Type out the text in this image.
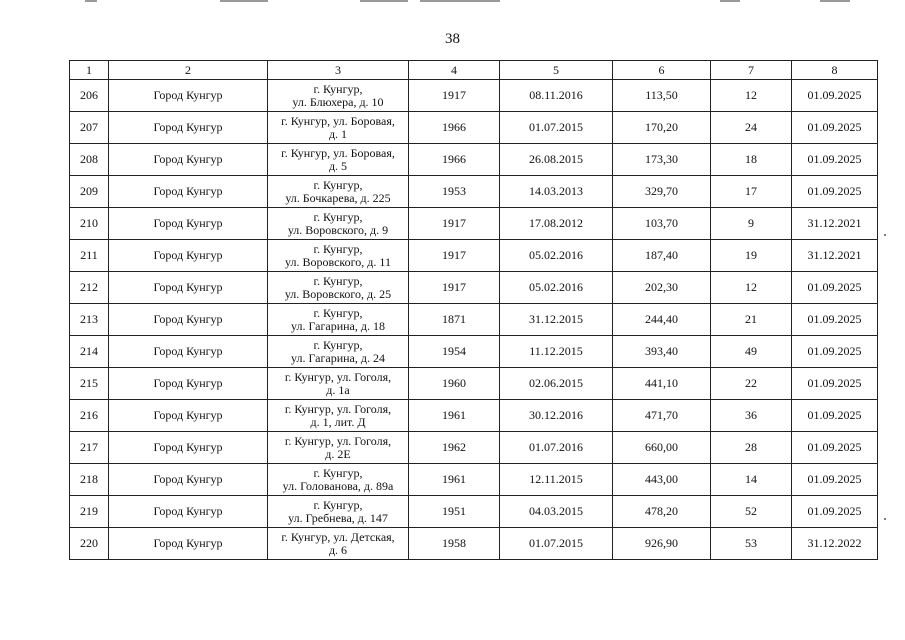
38
1	2	3	4	5	6	7	8
206	Город Кунгур	г. Кунгур,
ул. Блюхера, д. 10	1917	08.11.2016	113,50	12	01.09.2025
207	Город Кунгур	г. Кунгур, ул. Боровая,
д. 1	1966	01.07.2015	170,20	24	01.09.2025
208	Город Кунгур	г. Кунгур, ул. Боровая,
д. 5	1966	26.08.2015	173,30	18	01.09.2025
209	Город Кунгур	г. Кунгур,
ул. Бочкарева, д. 225	1953	14.03.2013	329,70	17	01.09.2025
210	Город Кунгур	г. Кунгур,
ул. Воровского, д. 9	1917	17.08.2012	103,70	9	31.12.2021
211	Город Кунгур	г. Кунгур,
ул. Воровского, д. 11	1917	05.02.2016	187,40	19	31.12.2021
212	Город Кунгур	г. Кунгур,
ул. Воровского, д. 25	1917	05.02.2016	202,30	12	01.09.2025
213	Город Кунгур	г. Кунгур,
ул. Гагарина, д. 18	1871	31.12.2015	244,40	21	01.09.2025
214	Город Кунгур	г. Кунгур,
ул. Гагарина, д. 24	1954	11.12.2015	393,40	49	01.09.2025
215	Город Кунгур	г. Кунгур, ул. Гоголя,
д. 1а	1960	02.06.2015	441,10	22	01.09.2025
216	Город Кунгур	г. Кунгур, ул. Гоголя,
д. 1, лит. Д	1961	30.12.2016	471,70	36	01.09.2025
217	Город Кунгур	г. Кунгур, ул. Гоголя,
д. 2Е	1962	01.07.2016	660,00	28	01.09.2025
218	Город Кунгур	г. Кунгур,
ул. Голованова, д. 89а	1961	12.11.2015	443,00	14	01.09.2025
219	Город Кунгур	г. Кунгур,
ул. Гребнева, д. 147	1951	04.03.2015	478,20	52	01.09.2025
220	Город Кунгур	г. Кунгур, ул. Детская,
д. 6	1958	01.07.2015	926,90	53	31.12.2022
